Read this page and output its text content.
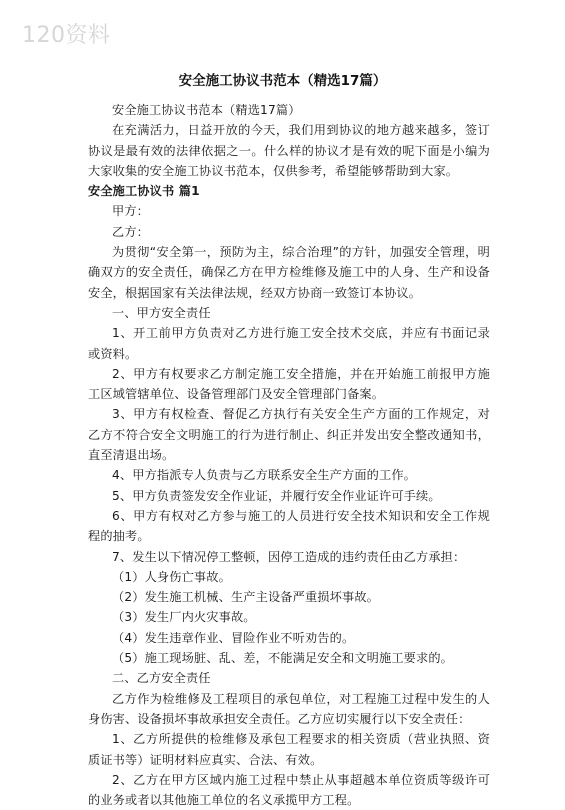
120资料
安全施工协议书范本（精选17篇）

安全施工协议书范本（精选17篇）

在充满活力，日益开放的今天，我们用到协议的地方越来越多，签订协议是最有效的法律依据之一。什么样的协议才是有效的呢下面是小编为大家收集的安全施工协议书范本，仅供参考，希望能够帮助到大家。

安全施工协议书 篇1

甲方：

乙方：

为贯彻“安全第一，预防为主，综合治理”的方针，加强安全管理，明确双方的安全责任，确保乙方在甲方检维修及施工中的人身、生产和设备安全，根据国家有关法律法规，经双方协商一致签订本协议。

一、甲方安全责任

1、开工前甲方负责对乙方进行施工安全技术交底，并应有书面记录或资料。

2、甲方有权要求乙方制定施工安全措施，并在开始施工前报甲方施工区域管辖单位、设备管理部门及安全管理部门备案。

3、甲方有权检查、督促乙方执行有关安全生产方面的工作规定，对乙方不符合安全文明施工的行为进行制止、纠正并发出安全整改通知书，直至清退出场。

4、甲方指派专人负责与乙方联系安全生产方面的工作。

5、甲方负责签发安全作业证，并履行安全作业证许可手续。

6、甲方有权对乙方参与施工的人员进行安全技术知识和安全工作规程的抽考。

7、发生以下情况停工整顿，因停工造成的违约责任由乙方承担：

（1）人身伤亡事故。

（2）发生施工机械、生产主设备严重损坏事故。

（3）发生厂内火灾事故。

（4）发生违章作业、冒险作业不听劝告的。

（5）施工现场脏、乱、差，不能满足安全和文明施工要求的。

二、乙方安全责任

乙方作为检维修及工程项目的承包单位，对工程施工过程中发生的人身伤害、设备损坏事故承担安全责任。乙方应切实履行以下安全责任：

1、乙方所提供的检维修及承包工程要求的相关资质（营业执照、资质证书等）证明材料应真实、合法、有效。

2、乙方在甲方区域内施工过程中禁止从事超越本单位资质等级许可的业务或者以其他施工单位的名义承揽甲方工程。
